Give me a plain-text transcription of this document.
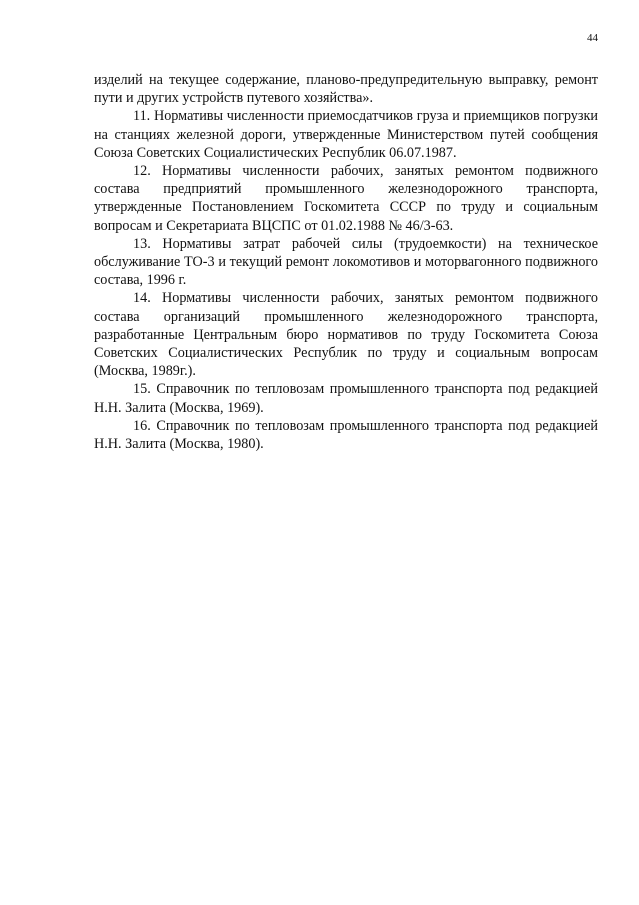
44

изделий на текущее содержание, планово-предупредительную выправку, ремонт пути и других устройств путевого хозяйства».

11. Нормативы численности приемосдатчиков груза и приемщиков погрузки на станциях железной дороги, утвержденные Министерством путей сообщения Союза Советских Социалистических Республик 06.07.1987.

12. Нормативы численности рабочих, занятых ремонтом подвижного состава предприятий промышленного железнодорожного транспорта, утвержденные Постановлением Госкомитета СССР по труду и социальным вопросам и Секретариата ВЦСПС от 01.02.1988 № 46/3-63.

13. Нормативы затрат рабочей силы (трудоемкости) на техническое обслуживание ТО-3 и текущий ремонт локомотивов и моторвагонного подвижного состава, 1996 г.

14. Нормативы численности рабочих, занятых ремонтом подвижного состава организаций промышленного железнодорожного транспорта, разработанные Центральным бюро нормативов по труду Госкомитета Союза Советских Социалистических Республик по труду и социальным вопросам (Москва, 1989г.).

15. Справочник по тепловозам промышленного транспорта под редакцией Н.Н. Залита (Москва, 1969).

16. Справочник по тепловозам промышленного транспорта под редакцией Н.Н. Залита (Москва, 1980).
